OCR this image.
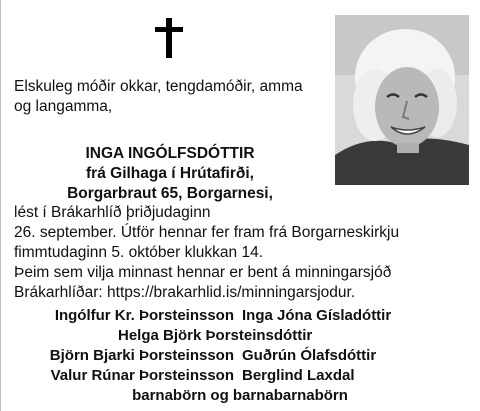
Elskuleg móðir okkar, tengdamóðir, amma
og langamma,
INGA INGÓLFSDÓTTIR
frá Gilhaga í Hrútafirði,
Borgarbraut 65, Borgarnesi,
lést í Brákarhlíð þriðjudaginn
26. september. Útför hennar fer fram frá Borgarneskirkju
fimmtudaginn 5. október klukkan 14.
Þeim sem vilja minnast hennar er bent á minningarsjóð
Brákarhlíðar: https://brakarhlid.is/minningarsjodur.
Ingólfur Kr. Þorsteinsson Inga Jóna Gísladóttir
Helga Björk Þorsteinsdóttir
Björn Bjarki Þorsteinsson Guðrún Ólafsdóttir
Valur Rúnar Þorsteinsson Berglind Laxdal
barnabörn og barnabarnabörn
